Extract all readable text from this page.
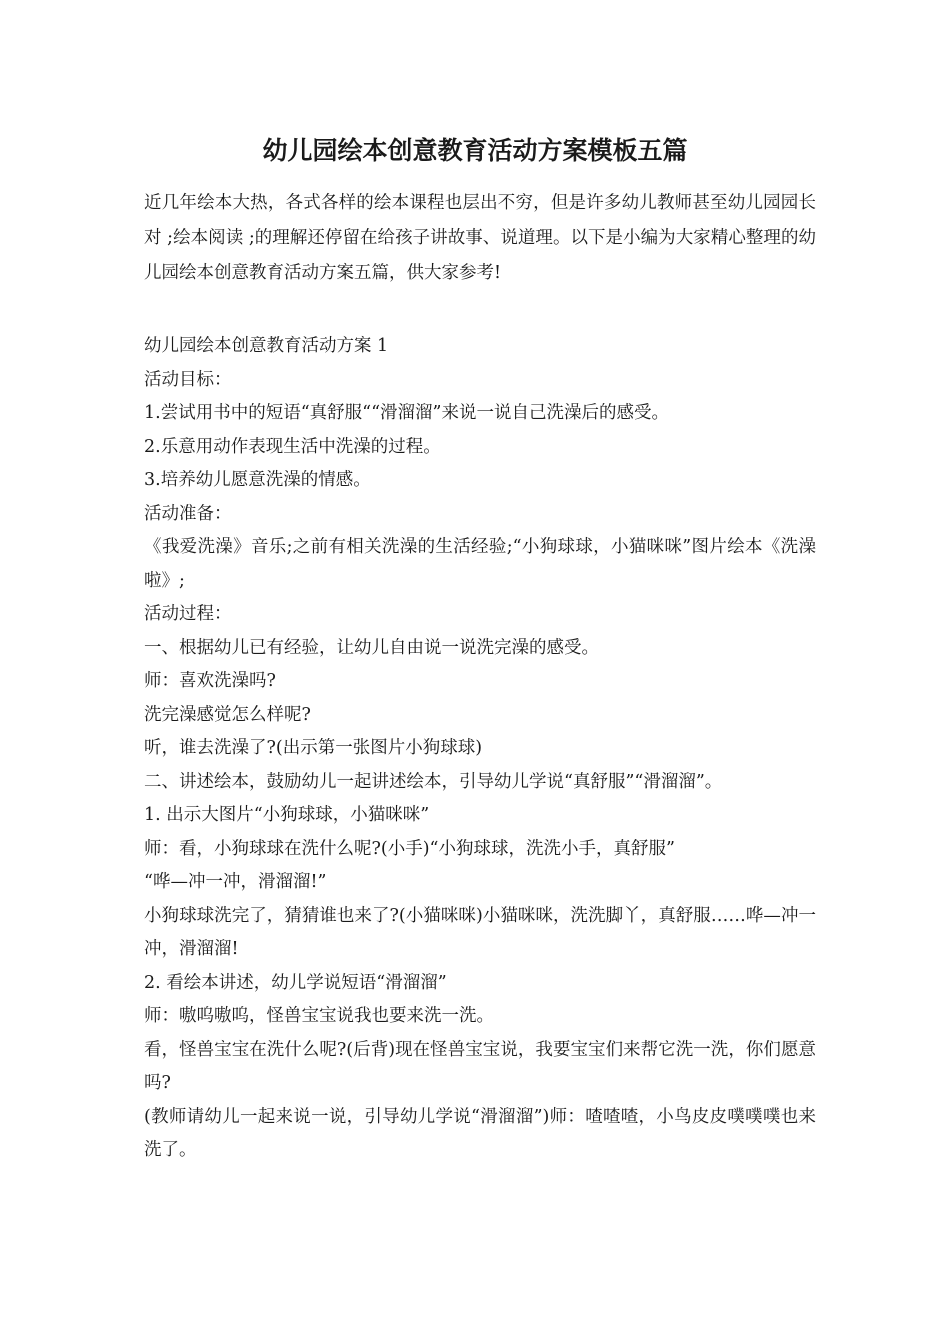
幼儿园绘本创意教育活动方案模板五篇

近几年绘本大热，各式各样的绘本课程也层出不穷，但是许多幼儿教师甚至幼儿园园长对 ;绘本阅读 ;的理解还停留在给孩子讲故事、说道理。以下是小编为大家精心整理的幼儿园绘本创意教育活动方案五篇，供大家参考!

幼儿园绘本创意教育活动方案 1

活动目标：

1.尝试用书中的短语“真舒服““滑溜溜”来说一说自己洗澡后的感受。

2.乐意用动作表现生活中洗澡的过程。

3.培养幼儿愿意洗澡的情感。

活动准备：

《我爱洗澡》音乐;之前有相关洗澡的生活经验;“小狗球球，小猫咪咪”图片绘本《洗澡啦》;

活动过程：

一、根据幼儿已有经验，让幼儿自由说一说洗完澡的感受。

师：喜欢洗澡吗?

洗完澡感觉怎么样呢?

听，谁去洗澡了?(出示第一张图片小狗球球)

二、讲述绘本，鼓励幼儿一起讲述绘本，引导幼儿学说“真舒服”“滑溜溜”。

1. 出示大图片“小狗球球，小猫咪咪”

师：看，小狗球球在洗什么呢?(小手)“小狗球球，洗洗小手，真舒服”

“哗—冲一冲，滑溜溜!”

小狗球球洗完了，猜猜谁也来了?(小猫咪咪)小猫咪咪，洗洗脚丫，真舒服……哗—冲一冲，滑溜溜!

2. 看绘本讲述，幼儿学说短语“滑溜溜”

师：嗷呜嗷呜，怪兽宝宝说我也要来洗一洗。

看，怪兽宝宝在洗什么呢?(后背)现在怪兽宝宝说，我要宝宝们来帮它洗一洗，你们愿意吗?

(教师请幼儿一起来说一说，引导幼儿学说“滑溜溜”)师：喳喳喳，小鸟皮皮噗噗噗也来洗了。
